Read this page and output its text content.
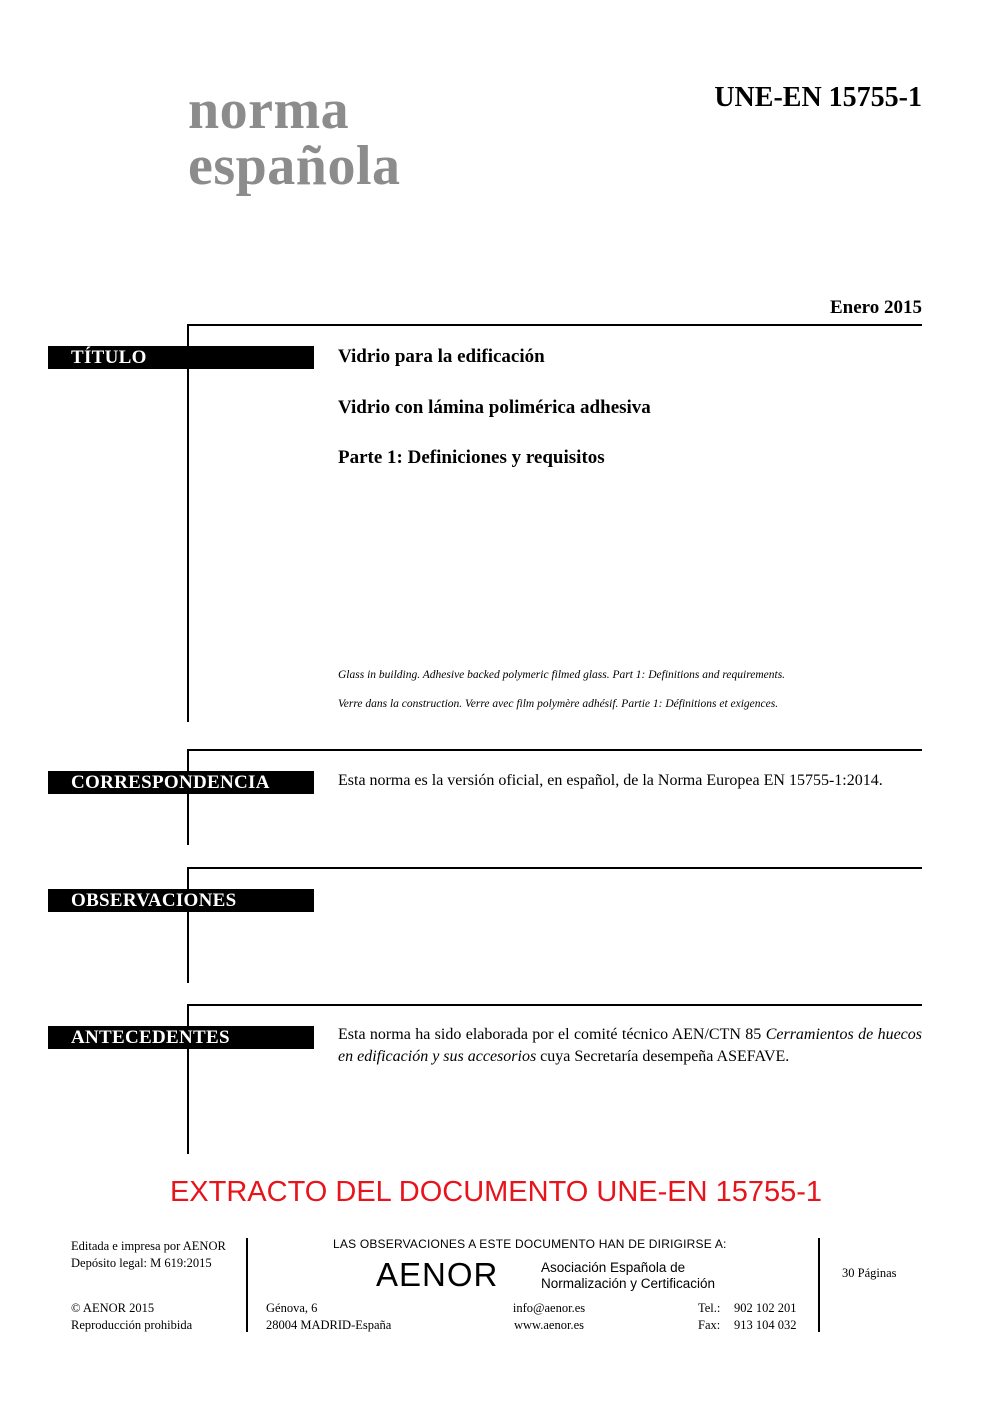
norma
española
UNE-EN 15755-1
Enero 2015
TÍTULO	Vidrio para la edificación
Vidrio con lámina polimérica adhesiva
Parte 1: Definiciones y requisitos
Glass in building. Adhesive backed polymeric filmed glass. Part 1: Definitions and requirements.
Verre dans la construction. Verre avec film polymère adhésif. Partie 1: Définitions et exigences.
CORRESPONDENCIA	Esta norma es la versión oficial, en español, de la Norma Europea EN 15755-1:2014.
OBSERVACIONES
ANTECEDENTES	Esta norma ha sido elaborada por el comité técnico AEN/CTN 85 Cerramientos de huecos en edificación y sus accesorios cuya Secretaría desempeña ASEFAVE.
EXTRACTO DEL DOCUMENTO UNE-EN 15755-1
Editada e impresa por AENOR
Depósito legal: M 619:2015
© AENOR 2015
Reproducción prohibida
LAS OBSERVACIONES A ESTE DOCUMENTO HAN DE DIRIGIRSE A:
AENOR	Asociación Española de
Normalización y Certificación
Génova, 6
28004 MADRID-España
info@aenor.es
www.aenor.es
Tel.: 902 102 201
Fax: 913 104 032
30 Páginas
